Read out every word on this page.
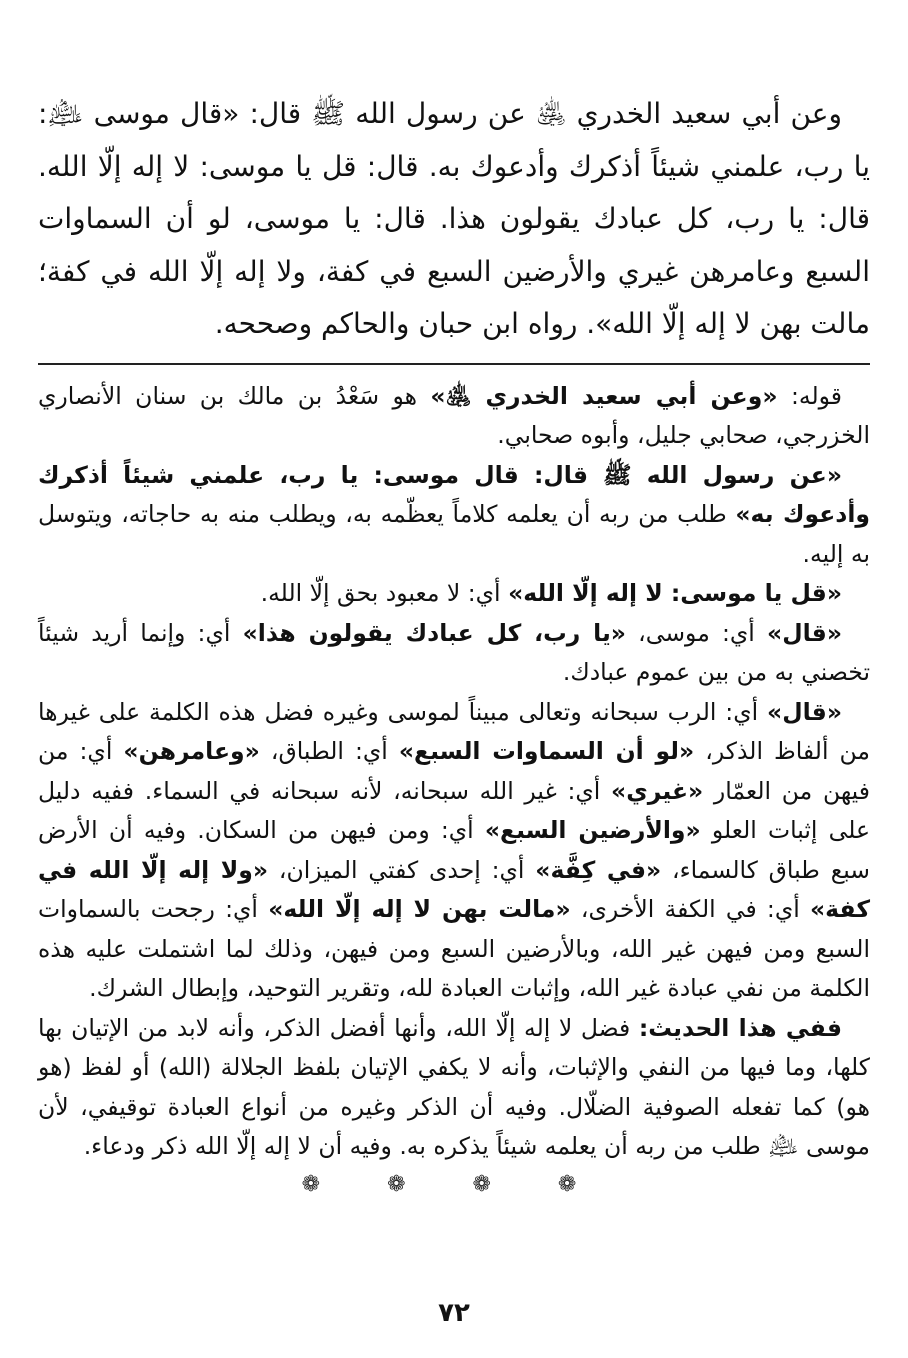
وعن أبي سعيد الخدري ﵁ عن رسول الله ﷺ قال: «قال موسى ﵇: يا رب، علمني شيئاً أذكرك وأدعوك به. قال: قل يا موسى: لا إله إلّا الله. قال: يا رب، كل عبادك يقولون هذا. قال: يا موسى، لو أن السماوات السبع وعامرهن غيري والأرضين السبع في كفة، ولا إله إلّا الله في كفة؛ مالت بهن لا إله إلّا الله». رواه ابن حبان والحاكم وصححه.

قوله: «وعن أبي سعيد الخدري ﵁» هو سَعْدُ بن مالك بن سنان الأنصاري الخزرجي، صحابي جليل، وأبوه صحابي.

«عن رسول الله ﷺ قال: قال موسى: يا رب، علمني شيئاً أذكرك وأدعوك به» طلب من ربه أن يعلمه كلاماً يعظّمه به، ويطلب منه به حاجاته، ويتوسل به إليه.

«قل يا موسى: لا إله إلّا الله» أي: لا معبود بحق إلّا الله.

«قال» أي: موسى، «يا رب، كل عبادك يقولون هذا» أي: وإنما أريد شيئاً تخصني به من بين عموم عبادك.

«قال» أي: الرب سبحانه وتعالى مبيناً لموسى وغيره فضل هذه الكلمة على غيرها من ألفاظ الذكر، «لو أن السماوات السبع» أي: الطباق، «وعامرهن» أي: من فيهن من العمّار «غيري» أي: غير الله سبحانه، لأنه سبحانه في السماء. ففيه دليل على إثبات العلو «والأرضين السبع» أي: ومن فيهن من السكان. وفيه أن الأرض سبع طباق كالسماء، «في كِفَّة» أي: إحدى كفتي الميزان، «ولا إله إلّا الله في كفة» أي: في الكفة الأخرى، «مالت بهن لا إله إلّا الله» أي: رجحت بالسماوات السبع ومن فيهن غير الله، وبالأرضين السبع ومن فيهن، وذلك لما اشتملت عليه هذه الكلمة من نفي عبادة غير الله، وإثبات العبادة لله، وتقرير التوحيد، وإبطال الشرك.

ففي هذا الحديث: فضل لا إله إلّا الله، وأنها أفضل الذكر، وأنه لابد من الإتيان بها كلها، وما فيها من النفي والإثبات، وأنه لا يكفي الإتيان بلفظ الجلالة (الله) أو لفظ (هو هو) كما تفعله الصوفية الضلّال. وفيه أن الذكر وغيره من أنواع العبادة توقيفي، لأن موسى ﵇ طلب من ربه أن يعلمه شيئاً يذكره به. وفيه أن لا إله إلّا الله ذكر ودعاء.

❁ ❁ ❁ ❁
٧٢
